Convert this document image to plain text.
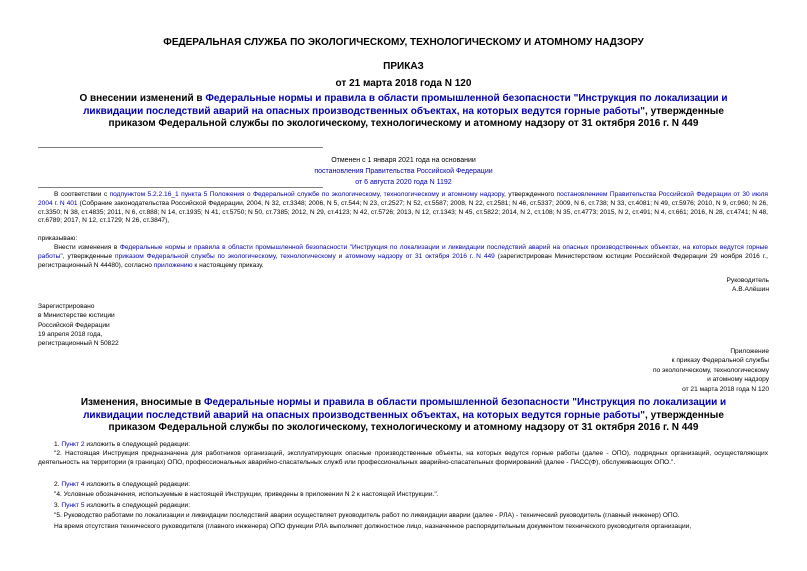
ФЕДЕРАЛЬНАЯ СЛУЖБА ПО ЭКОЛОГИЧЕСКОМУ, ТЕХНОЛОГИЧЕСКОМУ И АТОМНОМУ НАДЗОРУ
ПРИКАЗ
от 21 марта 2018 года N 120
О внесении изменений в Федеральные нормы и правила в области промышленной безопасности "Инструкция по локализации и ликвидации последствий аварий на опасных производственных объектах, на которых ведутся горные работы", утвержденные приказом Федеральной службы по экологическому, технологическому и атомному надзору от 31 октября 2016 г. N 449
Отменен с 1 января 2021 года на основании
постановления Правительства Российской Федерации
от 6 августа 2020 года N 1192
В соответствии с подпунктом 5.2.2.16_1 пункта 5 Положения о Федеральной службе по экологическому, технологическому и атомному надзору, утвержденного постановлением Правительства Российской Федерации от 30 июля 2004 г. N 401 (Собрание законодательства Российской Федерации, 2004, N 32, ст.3348; 2006, N 5, ст.544; N 23, ст.2527; N 52, ст.5587; 2008, N 22, ст.2581; N 46, ст.5337; 2009, N 6, ст.738; N 33, ст.4081; N 49, ст.5976; 2010, N 9, ст.960; N 26, ст.3350; N 38, ст.4835; 2011, N 6, ст.888; N 14, ст.1935; N 41, ст.5750; N 50, ст.7385; 2012, N 29, ст.4123; N 42, ст.5726; 2013, N 12, ст.1343; N 45, ст.5822; 2014, N 2, ст.108; N 35, ст.4773; 2015, N 2, ст.491; N 4, ст.661; 2016, N 28, ст.4741; N 48, ст.6789; 2017, N 12, ст.1729; N 26, ст.3847),
приказываю:
Внести изменения в Федеральные нормы и правила в области промышленной безопасности "Инструкция по локализации и ликвидации последствий аварий на опасных производственных объектах, на которых ведутся горные работы", утвержденные приказом Федеральной службы по экологическому, технологическому и атомному надзору от 31 октября 2016 г. N 449 (зарегистрирован Министерством юстиции Российской Федерации 29 ноября 2016 г., регистрационный N 44480), согласно приложению к настоящему приказу.
Руководитель
А.В.Алёшин
Зарегистрировано
в Министерстве юстиции
Российской Федерации
19 апреля 2018 года,
регистрационный N 50822
Приложение
к приказу Федеральной службы
по экологическому, технологическому
и атомному надзору
от 21 марта 2018 года N 120
Изменения, вносимые в Федеральные нормы и правила в области промышленной безопасности "Инструкция по локализации и ликвидации последствий аварий на опасных производственных объектах, на которых ведутся горные работы", утвержденные приказом Федеральной службы по экологическому, технологическому и атомному надзору от 31 октября 2016 г. N 449
1. Пункт 2 изложить в следующей редакции:
"2. Настоящая Инструкция предназначена для работников организаций, эксплуатирующих опасные производственные объекты, на которых ведутся горные работы (далее - ОПО), подрядных организаций, осуществляющих деятельность на территории (в границах) ОПО, профессиональных аварийно-спасательных служб или профессиональных аварийно-спасательных формирований (далее - ПАСС(Ф), обслуживающих ОПО.".
2. Пункт 4 изложить в следующей редакции:
"4. Условные обозначения, используемые в настоящей Инструкции, приведены в приложении N 2 к настоящей Инструкции.".
3. Пункт 5 изложить в следующей редакции:
"5. Руководство работами по локализации и ликвидации последствий аварии осуществляет руководитель работ по ликвидации аварии (далее - РЛА) - технический руководитель (главный инженер) ОПО.
На время отсутствия технического руководителя (главного инженера) ОПО функции РЛА выполняет должностное лицо, назначенное распорядительным документом технического руководителя организации,
